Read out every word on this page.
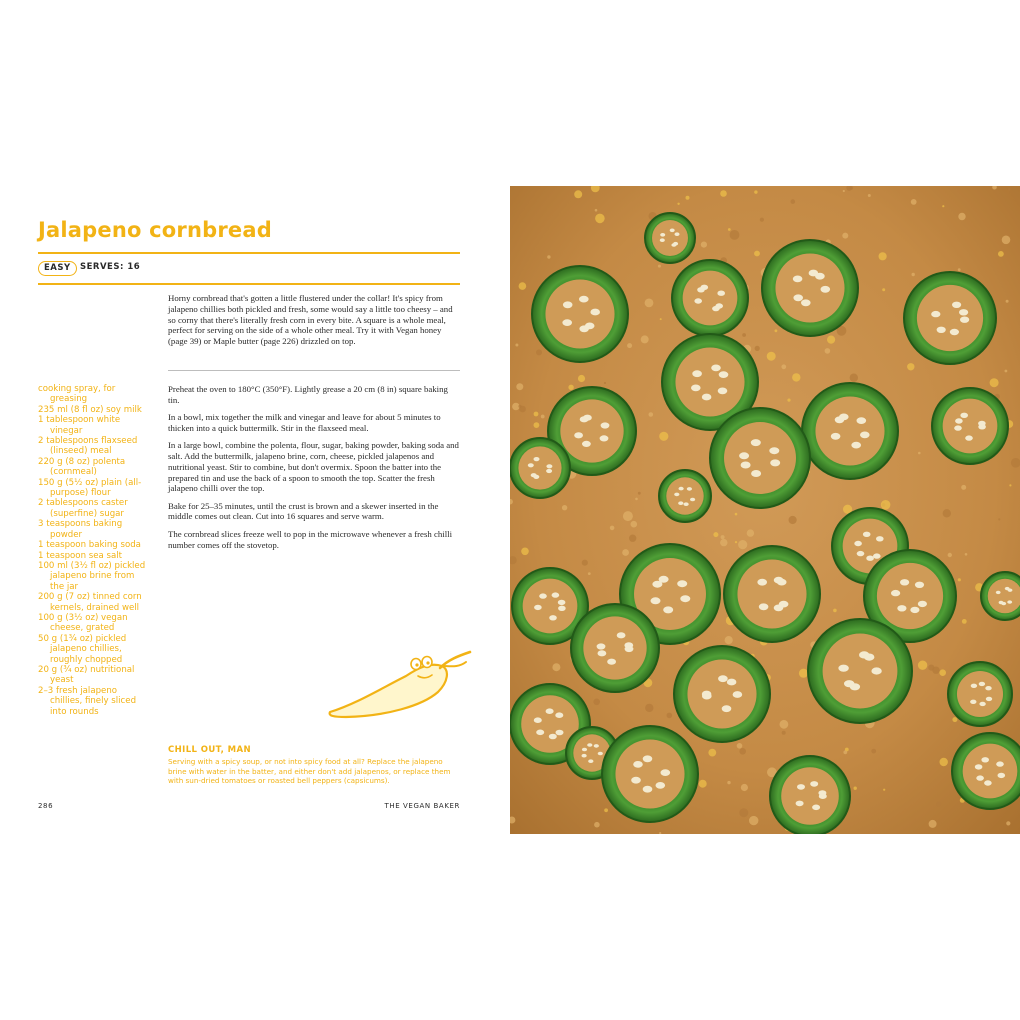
Jalapeno cornbread
EASY	SERVES: 16

Horny cornbread that's gotten a little flustered under the collar! It's spicy from jalapeno chillies both pickled and fresh, some would say a little too cheesy – and so corny that there's literally fresh corn in every bite. A square is a whole meal, perfect for serving on the side of a whole other meal. Try it with Vegan honey (page 39) or Maple butter (page 226) drizzled on top.

cooking spray, for greasing
235 ml (8 fl oz) soy milk
1 tablespoon white vinegar
2 tablespoons flaxseed (linseed) meal
220 g (8 oz) polenta (cornmeal)
150 g (5½ oz) plain (all-purpose) flour
2 tablespoons caster (superfine) sugar
3 teaspoons baking powder
1 teaspoon baking soda
1 teaspoon sea salt
100 ml (3½ fl oz) pickled jalapeno brine from the jar
200 g (7 oz) tinned corn kernels, drained well
100 g (3½ oz) vegan cheese, grated
50 g (1¾ oz) pickled jalapeno chillies, roughly chopped
20 g (¾ oz) nutritional yeast
2–3 fresh jalapeno chillies, finely sliced into rounds

Preheat the oven to 180°C (350°F). Lightly grease a 20 cm (8 in) square baking tin.

In a bowl, mix together the milk and vinegar and leave for about 5 minutes to thicken into a quick buttermilk. Stir in the flaxseed meal.

In a large bowl, combine the polenta, flour, sugar, baking powder, baking soda and salt. Add the buttermilk, jalapeno brine, corn, cheese, pickled jalapenos and nutritional yeast. Stir to combine, but don't overmix. Spoon the batter into the prepared tin and use the back of a spoon to smooth the top. Scatter the fresh jalapeno chilli over the top.

Bake for 25–35 minutes, until the crust is brown and a skewer inserted in the middle comes out clean. Cut into 16 squares and serve warm.

The cornbread slices freeze well to pop in the microwave whenever a fresh chilli number comes off the stovetop.

CHILL OUT, MAN

Serving with a spicy soup, or not into spicy food at all? Replace the jalapeno brine with water in the batter, and either don't add jalapenos, or replace them with sun-dried tomatoes or roasted bell peppers (capsicums).

286	THE VEGAN BAKER
